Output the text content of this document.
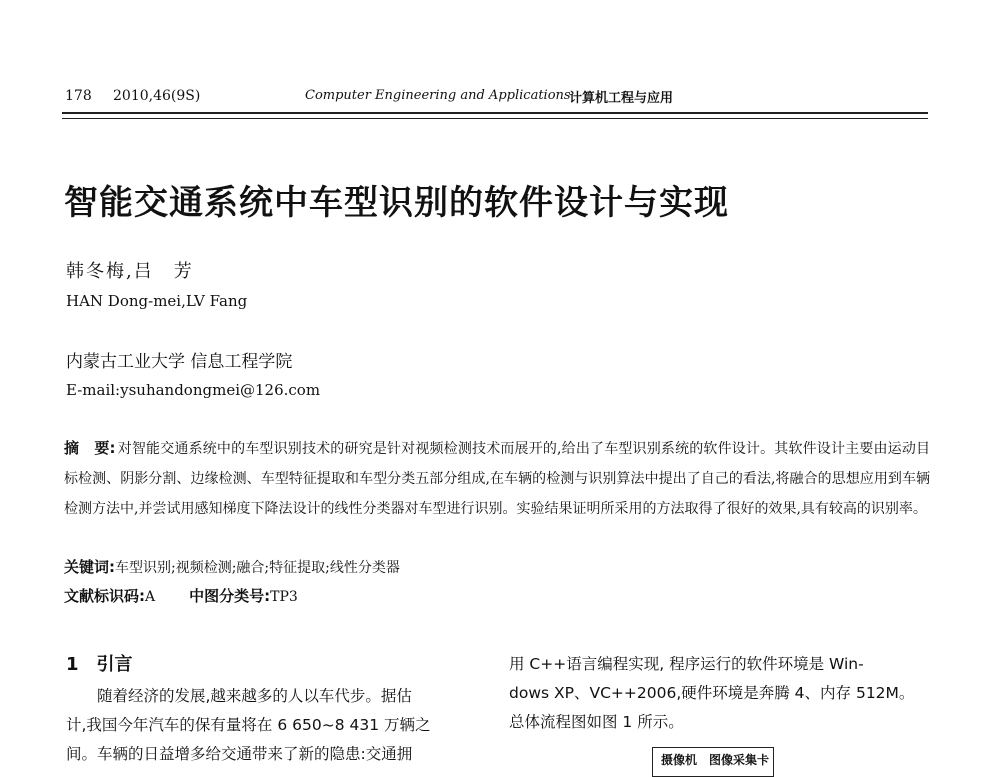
178 2010,46(9S)	Computer Engineering and Applications
计算机工程与应用
智能交通系统中车型识别的软件设计与实现
韩冬梅,吕　芳
HAN Dong-mei,LV Fang
内蒙古工业大学 信息工程学院
E-mail:ysuhandongmei@126.com
摘　要: 对智能交通系统中的车型识别技术的研究是针对视频检测技术而展开的,给出了车型识别系统的软件设计。其软件设计主要由运动目标检测、阴影分割、边缘检测、车型特征提取和车型分类五部分组成,在车辆的检测与识别算法中提出了自己的看法,将融合的思想应用到车辆检测方法中,并尝试用感知梯度下降法设计的线性分类器对车型进行识别。实验结果证明所采用的方法取得了很好的效果,具有较高的识别率。
关键词:车型识别;视频检测;融合;特征提取;线性分类器
文献标识码:A 中图分类号:TP3
1 引言

随着经济的发展,越来越多的人以车代步。据估

计,我国今年汽车的保有量将在 6 650~8 431 万辆之

间。车辆的日益增多给交通带来了新的隐患:交通拥

用 C++语言编程实现, 程序运行的软件环境是 Win-

dows XP、VC++2006,硬件环境是奔腾 4、内存 512M。

总体流程图如图 1 所示。

摄像机　图像采集卡
